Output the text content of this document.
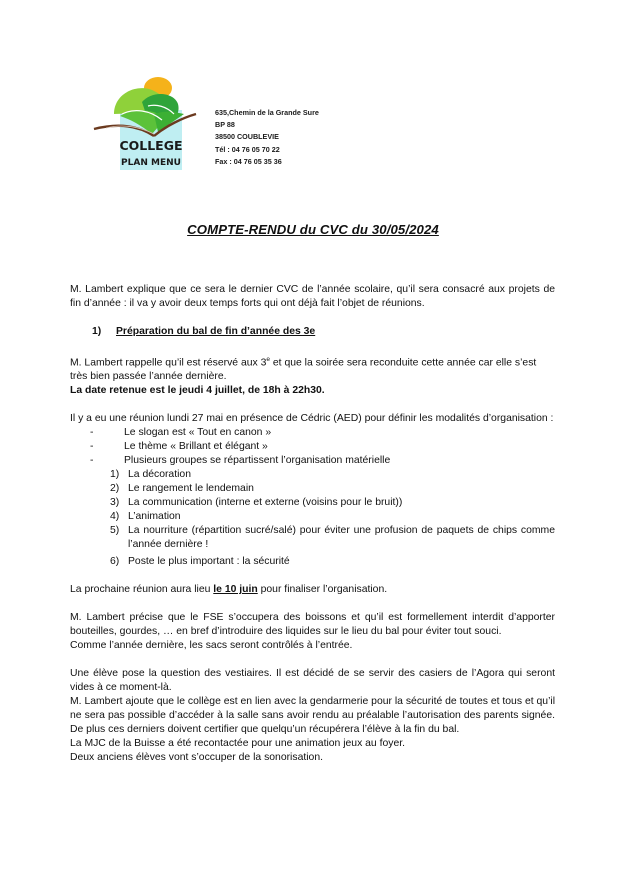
COLLEGE
PLAN MENU
635,Chemin de la Grande Sure
BP 88
38500 COUBLEVIE
Tél : 04 76 05 70 22
Fax : 04 76 05 35 36
COMPTE-RENDU du CVC du 30/05/2024

M. Lambert explique que ce sera le dernier CVC de l’année scolaire, qu’il sera consacré aux projets de fin d’année : il va y avoir deux temps forts qui ont déjà fait l’objet de réunions.

1)	Préparation du bal de fin d’année des 3e

M. Lambert rappelle qu’il est réservé aux 3e et que la soirée sera reconduite cette année car elle s’est très bien passée l’année dernière.

La date retenue est le jeudi 4 juillet, de 18h à 22h30.

Il y a eu une réunion lundi 27 mai en présence de Cédric (AED) pour définir les modalités d’organisation :

-	Le slogan est « Tout en canon »
-	Le thème « Brillant et élégant »
-	Plusieurs groupes se répartissent l’organisation matérielle
1) La décoration
2) Le rangement le lendemain
3) La communication (interne et externe (voisins pour le bruit))
4) L’animation
5) La nourriture (répartition sucré/salé) pour éviter une profusion de paquets de chips comme l’année dernière !
6) Poste le plus important : la sécurité

La prochaine réunion aura lieu le 10 juin pour finaliser l’organisation.

M. Lambert précise que le FSE s’occupera des boissons et qu’il est formellement interdit d’apporter bouteilles, gourdes, … en bref d’introduire des liquides sur le lieu du bal pour éviter tout souci.

Comme l’année dernière, les sacs seront contrôlés à l’entrée.

Une élève pose la question des vestiaires. Il est décidé de se servir des casiers de l’Agora qui seront vides à ce moment-là.

M. Lambert ajoute que le collège est en lien avec la gendarmerie pour la sécurité de toutes et tous et qu’il ne sera pas possible d’accéder à la salle sans avoir rendu au préalable l’autorisation des parents signée. De plus ces derniers doivent certifier que quelqu’un récupérera l’élève à la fin du bal.

La MJC de la Buisse a été recontactée pour une animation jeux au foyer.

Deux anciens élèves vont s’occuper de la sonorisation.
